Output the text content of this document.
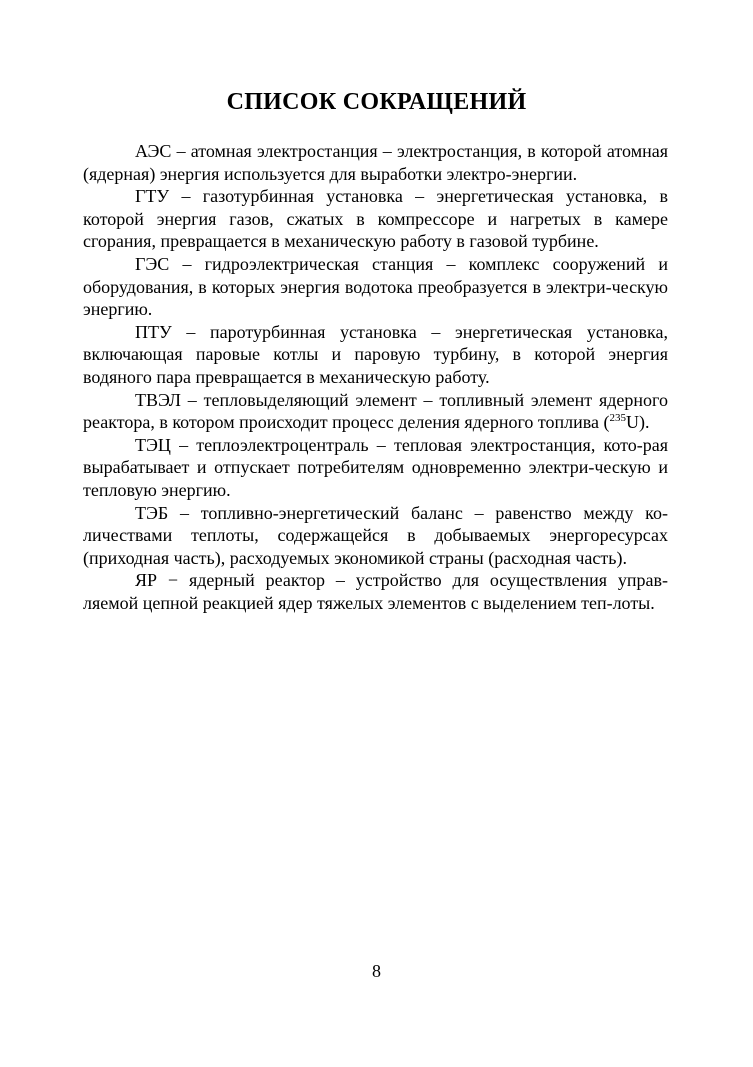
СПИСОК СОКРАЩЕНИЙ

АЭС – атомная электростанция – электростанция, в которой атомная (ядерная) энергия используется для выработки электро-энергии.

ГТУ – газотурбинная установка – энергетическая установка, в которой энергия газов, сжатых в компрессоре и нагретых в камере сгорания, превращается в механическую работу в газовой турбине.

ГЭС – гидроэлектрическая станция – комплекс сооружений и оборудования, в которых энергия водотока преобразуется в электри-ческую энергию.

ПТУ – паротурбинная установка – энергетическая установка, включающая паровые котлы и паровую турбину, в которой энергия водяного пара превращается в механическую работу.

ТВЭЛ – тепловыделяющий элемент – топливный элемент ядерного реактора, в котором происходит процесс деления ядерного топлива ($^{235}$U).

ТЭЦ – теплоэлектроцентраль – тепловая электростанция, кото-рая вырабатывает и отпускает потребителям одновременно электри-ческую и тепловую энергию.

ТЭБ – топливно-энергетический баланс – равенство между ко-личествами теплоты, содержащейся в добываемых энергоресурсах (приходная часть), расходуемых экономикой страны (расходная часть).

ЯР − ядерный реактор – устройство для осуществления управ-ляемой цепной реакцией ядер тяжелых элементов с выделением теп-лоты.

8
